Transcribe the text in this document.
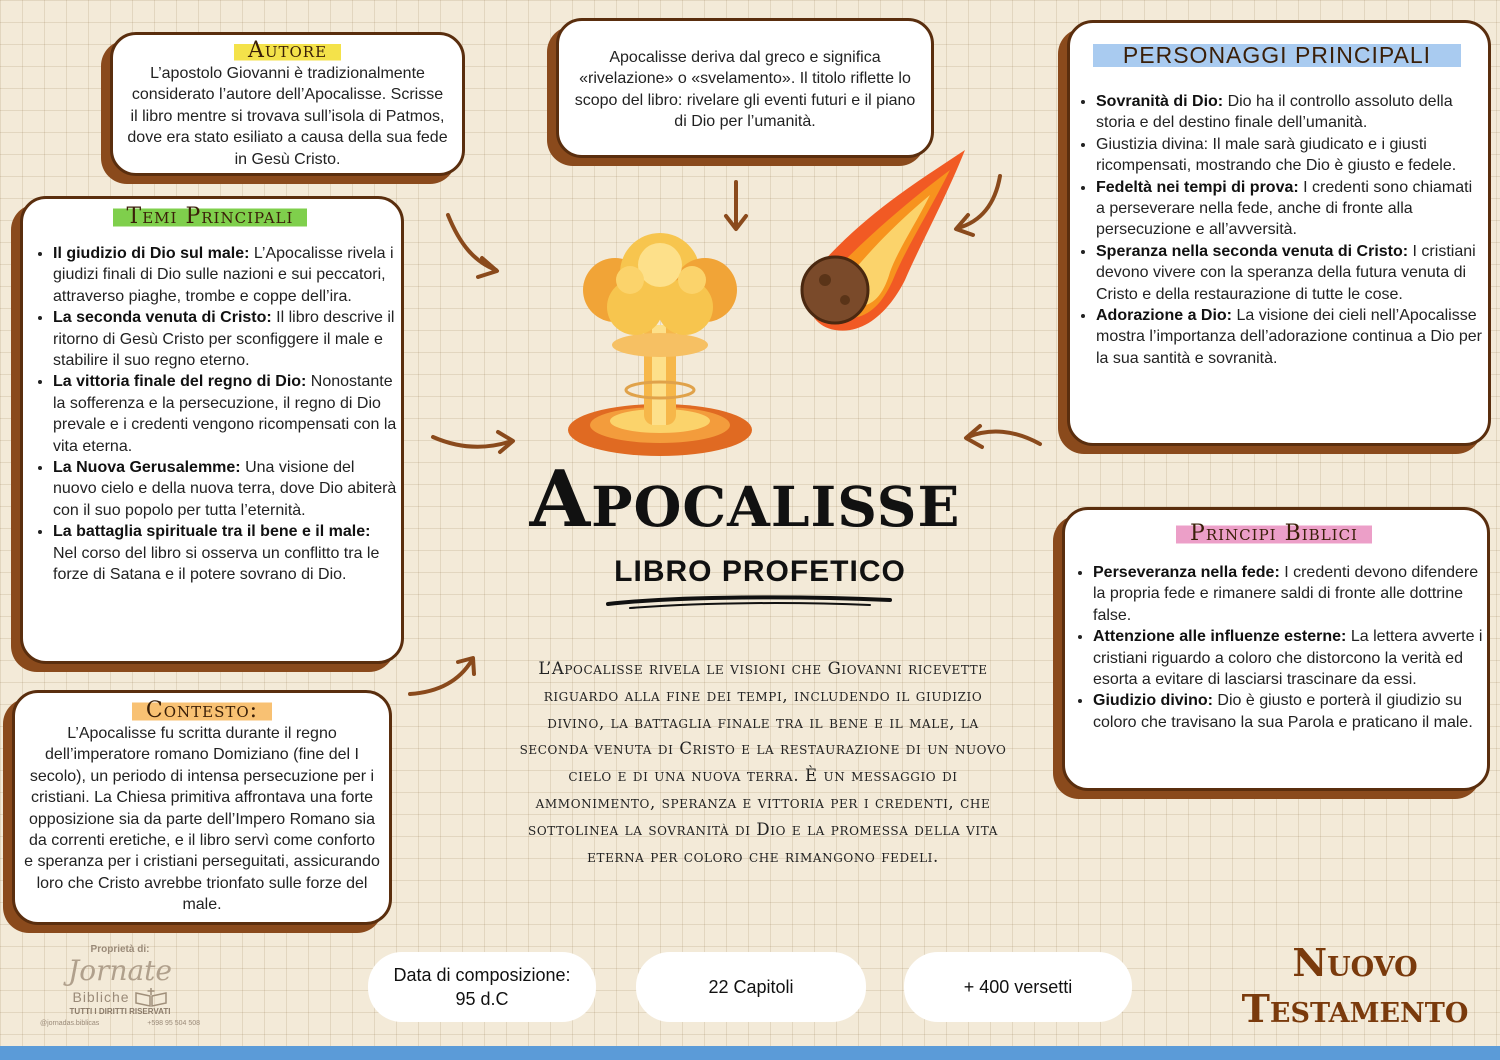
Autore
L’apostolo Giovanni è tradizionalmente considerato l’autore dell’Apocalisse. Scrisse il libro mentre si trovava sull’isola di Patmos, dove era stato esiliato a causa della sua fede in Gesù Cristo.
Apocalisse deriva dal greco e significa «rivelazione» o «svelamento». Il titolo riflette lo scopo del libro: rivelare gli eventi futuri e il piano di Dio per l’umanità.
Temi Principali
• Il giudizio di Dio sul male: L’Apocalisse rivela i giudizi finali di Dio sulle nazioni e sui peccatori, attraverso piaghe, trombe e coppe dell’ira.
• La seconda venuta di Cristo: Il libro descrive il ritorno di Gesù Cristo per sconfiggere il male e stabilire il suo regno eterno.
• La vittoria finale del regno di Dio: Nonostante la sofferenza e la persecuzione, il regno di Dio prevale e i credenti vengono ricompensati con la vita eterna.
• La Nuova Gerusalemme: Una visione del nuovo cielo e della nuova terra, dove Dio abiterà con il suo popolo per tutta l’eternità.
• La battaglia spirituale tra il bene e il male: Nel corso del libro si osserva un conflitto tra le forze di Satana e il potere sovrano di Dio.
Contesto:
L’Apocalisse fu scritta durante il regno dell’imperatore romano Domiziano (fine del I secolo), un periodo di intensa persecuzione per i cristiani. La Chiesa primitiva affrontava una forte opposizione sia da parte dell’Impero Romano sia da correnti eretiche, e il libro servì come conforto e speranza per i cristiani perseguitati, assicurando loro che Cristo avrebbe trionfato sulle forze del male.
PERSONAGGI PRINCIPALI
• Sovranità di Dio: Dio ha il controllo assoluto della storia e del destino finale dell’umanità.
• Giustizia divina: Il male sarà giudicato e i giusti ricompensati, mostrando che Dio è giusto e fedele.
• Fedeltà nei tempi di prova: I credenti sono chiamati a perseverare nella fede, anche di fronte alla persecuzione e all’avversità.
• Speranza nella seconda venuta di Cristo: I cristiani devono vivere con la speranza della futura venuta di Cristo e della restaurazione di tutte le cose.
• Adorazione a Dio: La visione dei cieli nell’Apocalisse mostra l’importanza dell’adorazione continua a Dio per la sua santità e sovranità.
Principi Biblici
• Perseveranza nella fede: I credenti devono difendere la propria fede e rimanere saldi di fronte alle dottrine false.
• Attenzione alle influenze esterne: La lettera avverte i cristiani riguardo a coloro che distorcono la verità ed esorta a evitare di lasciarsi trascinare da essi.
• Giudizio divino: Dio è giusto e porterà il giudizio su coloro che travisano la sua Parola e praticano il male.
Apocalisse
LIBRO PROFETICO
L’Apocalisse rivela le visioni che Giovanni ricevette riguardo alla fine dei tempi, includendo il giudizio divino, la battaglia finale tra il bene e il male, la seconda venuta di Cristo e la restaurazione di un nuovo cielo e di una nuova terra. È un messaggio di ammonimento, speranza e vittoria per i credenti, che sottolinea la sovranità di Dio e la promessa della vita eterna per coloro che rimangono fedeli.
Data di composizione:
95 d.C
22 Capitoli	+ 400 versetti
Nuovo
Testamento
Proprietà di:
Jornate
Bibliche
TUTTI I DIRITTI RISERVATI
@jornadas.biblicas	+598 95 504 508
